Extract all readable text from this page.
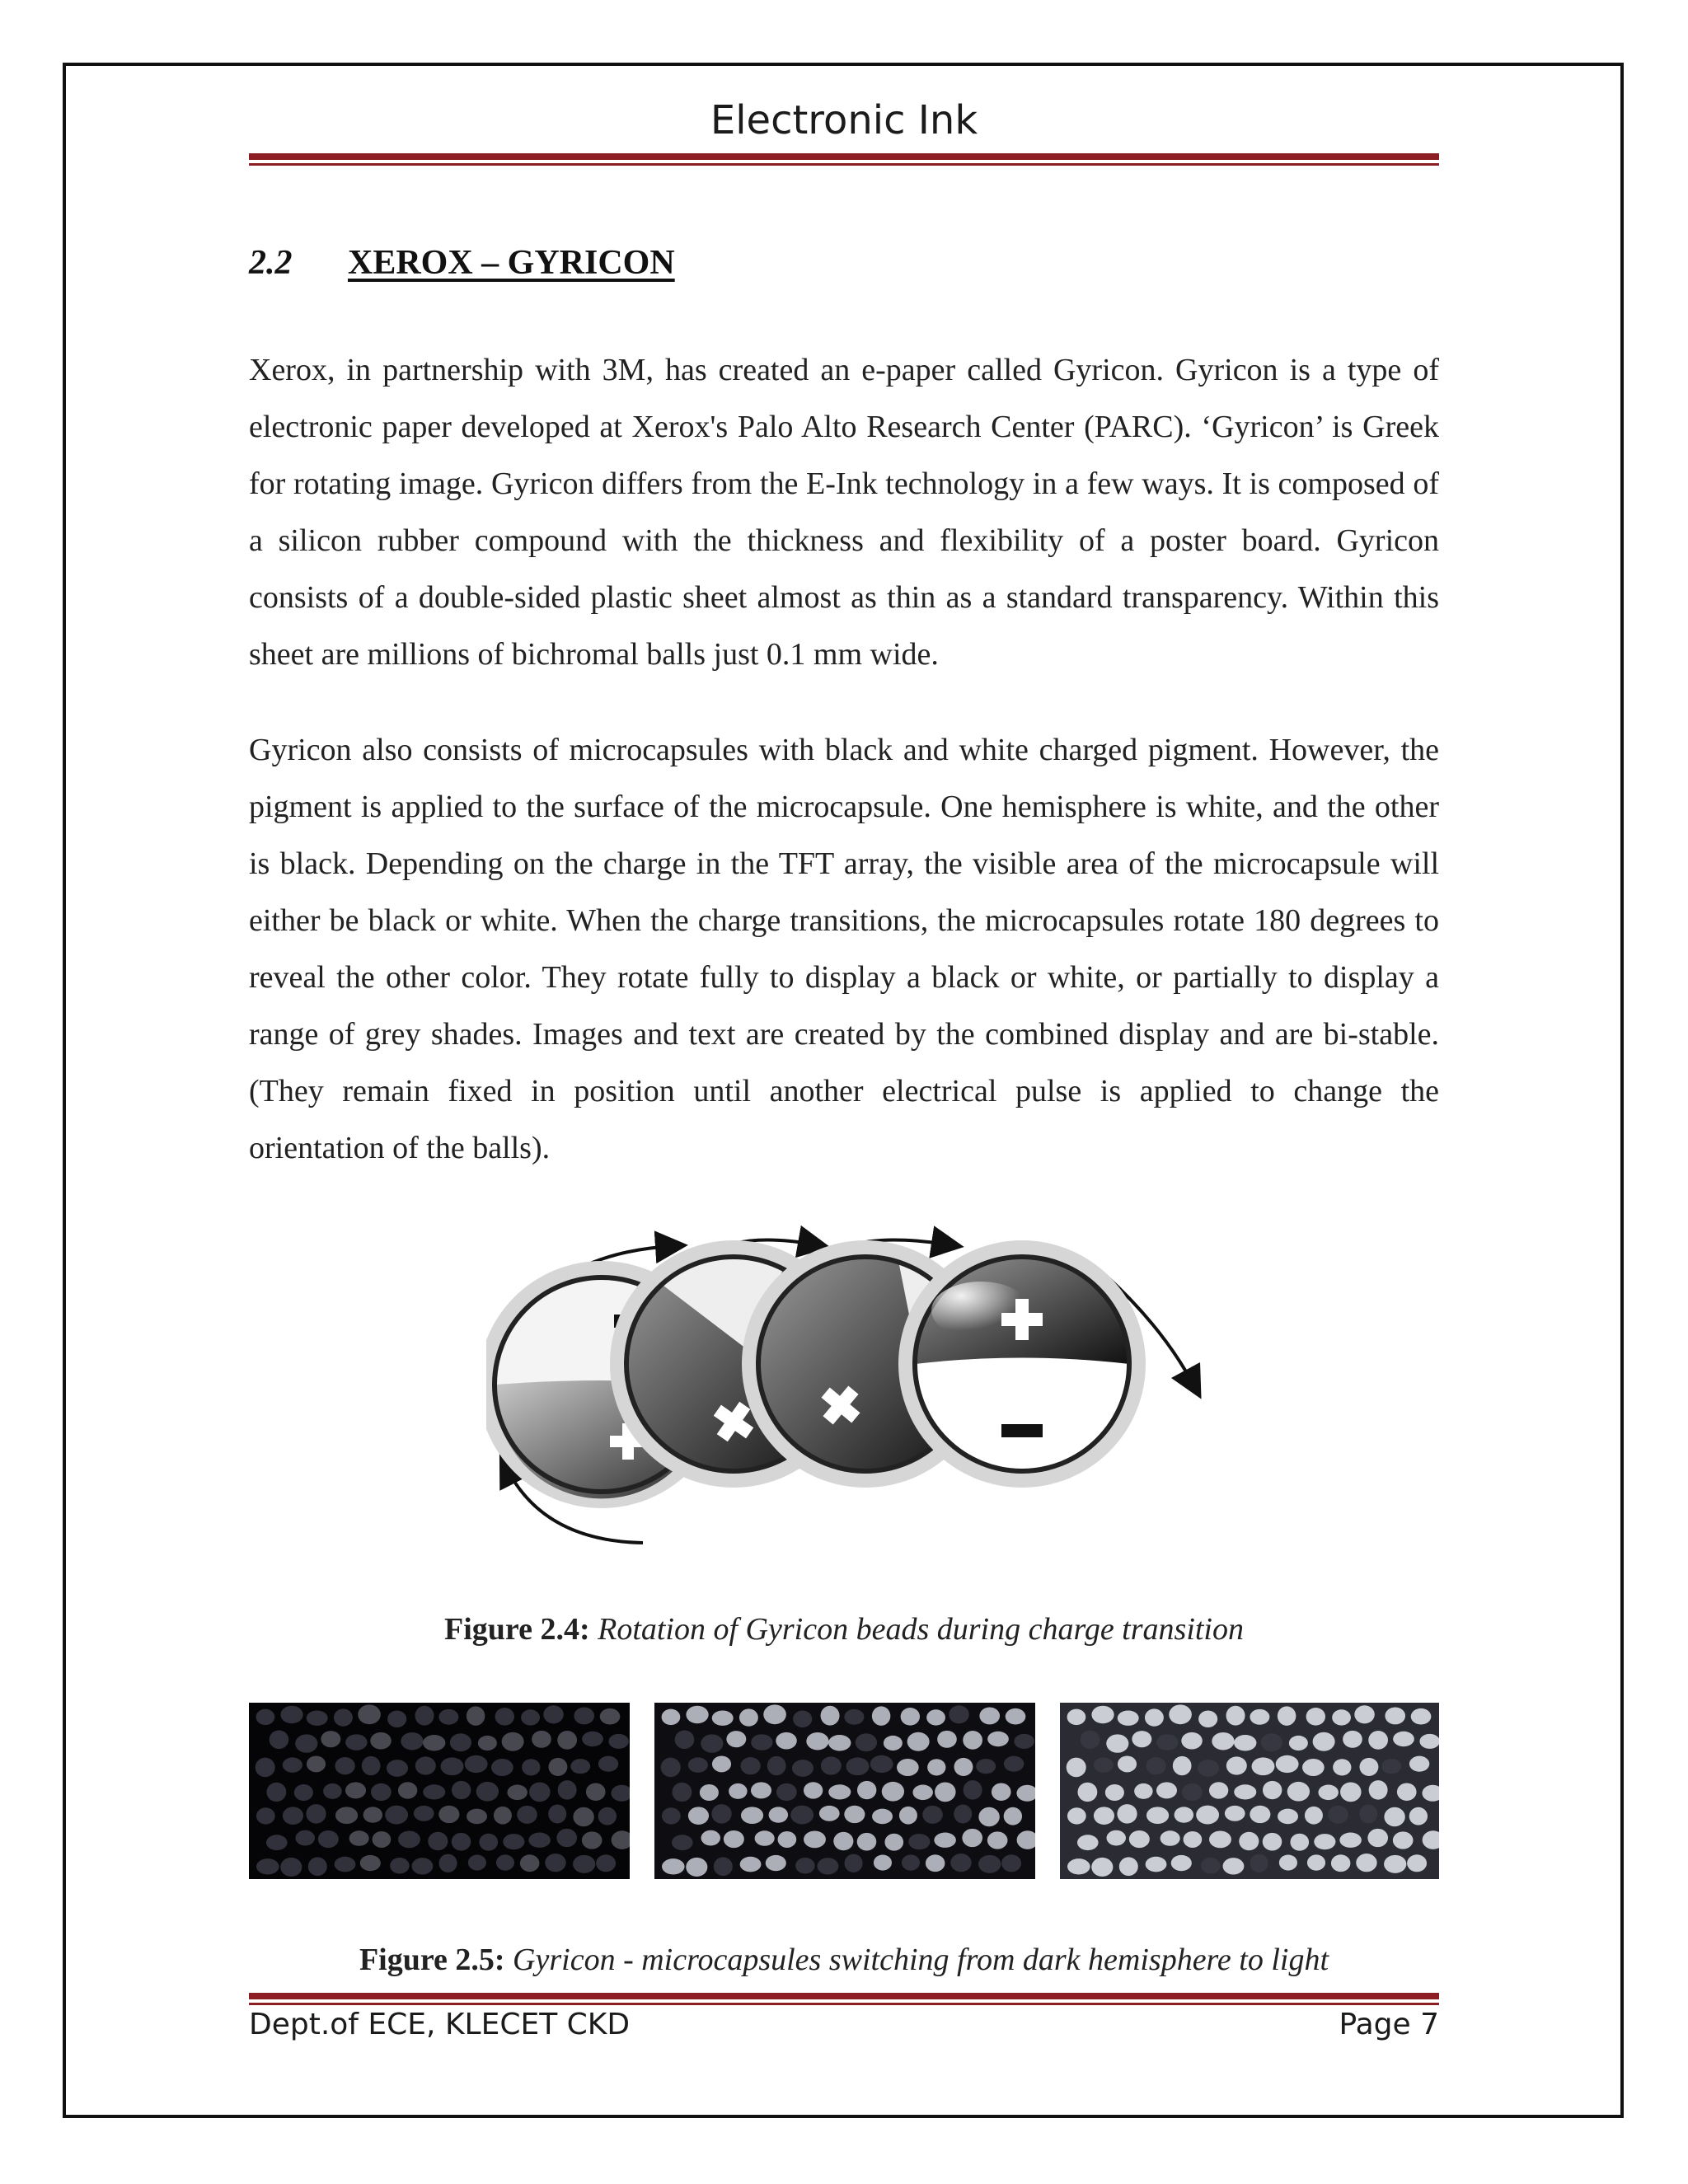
Electronic Ink
2.2 XEROX – GYRICON

Xerox, in partnership with 3M, has created an e-paper called Gyricon. Gyricon is a type of electronic paper developed at Xerox's Palo Alto Research Center (PARC). ‘Gyricon’ is Greek for rotating image. Gyricon differs from the E-Ink technology in a few ways. It is composed of a silicon rubber compound with the thickness and flexibility of a poster board. Gyricon consists of a double-sided plastic sheet almost as thin as a standard transparency. Within this sheet are millions of bichromal balls just 0.1 mm wide.

Gyricon also consists of microcapsules with black and white charged pigment. However, the pigment is applied to the surface of the microcapsule. One hemisphere is white, and the other is black. Depending on the charge in the TFT array, the visible area of the microcapsule will either be black or white. When the charge transitions, the microcapsules rotate 180 degrees to reveal the other color. They rotate fully to display a black or white, or partially to display a range of grey shades. Images and text are created by the combined display and are bi-stable. (They remain fixed in position until another electrical pulse is applied to change the orientation of the balls).

Figure 2.4: Rotation of Gyricon beads during charge transition
Figure 2.5: Gyricon - microcapsules switching from dark hemisphere to light
Dept.of ECE, KLECET CKD	Page 7
